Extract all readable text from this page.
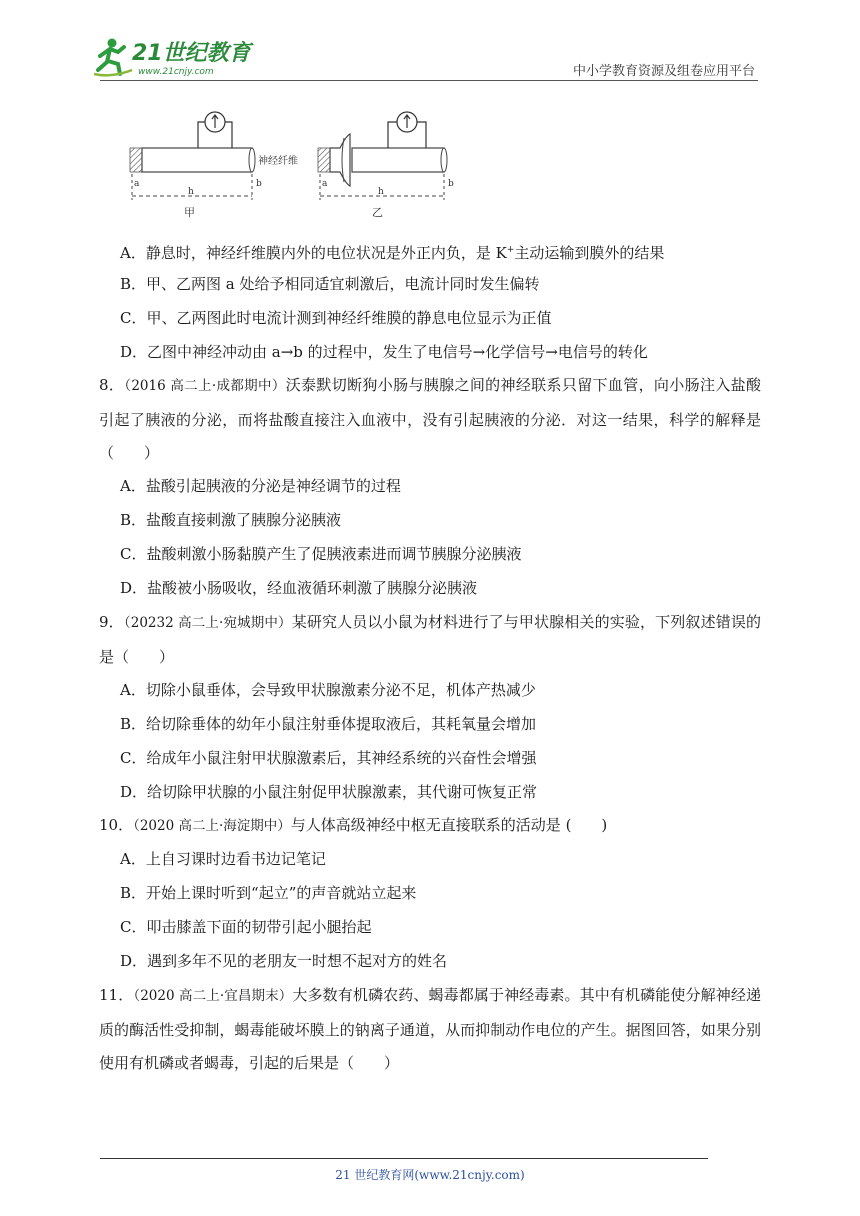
21世纪教育
www.21cnjy.com	中小学教育资源及组卷应用平台
a	b
h
甲
神经纤维
a	b
h
乙
A．静息时，神经纤维膜内外的电位状况是外正内负，是 K+主动运输到膜外的结果
B．甲、乙两图 a 处给予相同适宜刺激后，电流计同时发生偏转
C．甲、乙两图此时电流计测到神经纤维膜的静息电位显示为正值
D．乙图中神经冲动由 a→b 的过程中，发生了电信号→化学信号→电信号的转化
8．（2016 高二上·成都期中）沃泰默切断狗小肠与胰腺之间的神经联系只留下血管，向小肠注入盐酸引起了胰液的分泌，而将盐酸直接注入血液中，没有引起胰液的分泌．对这一结果，科学的解释是（　　）
A．盐酸引起胰液的分泌是神经调节的过程
B．盐酸直接刺激了胰腺分泌胰液
C．盐酸刺激小肠黏膜产生了促胰液素进而调节胰腺分泌胰液
D．盐酸被小肠吸收，经血液循环刺激了胰腺分泌胰液
9．（20232 高二上·宛城期中）某研究人员以小鼠为材料进行了与甲状腺相关的实验，下列叙述错误的是（　　）
A．切除小鼠垂体，会导致甲状腺激素分泌不足，机体产热减少
B．给切除垂体的幼年小鼠注射垂体提取液后，其耗氧量会增加
C．给成年小鼠注射甲状腺激素后，其神经系统的兴奋性会增强
D．给切除甲状腺的小鼠注射促甲状腺激素，其代谢可恢复正常
10．（2020 高二上·海淀期中）与人体高级神经中枢无直接联系的活动是 (　　)
A．上自习课时边看书边记笔记
B．开始上课时听到“起立”的声音就站立起来
C．叩击膝盖下面的韧带引起小腿抬起
D．遇到多年不见的老朋友一时想不起对方的姓名
11．（2020 高二上·宜昌期末）大多数有机磷农药、蝎毒都属于神经毒素。其中有机磷能使分解神经递质的酶活性受抑制，蝎毒能破坏膜上的钠离子通道，从而抑制动作电位的产生。据图回答，如果分别使用有机磷或者蝎毒，引起的后果是（　　）
21 世纪教育网(www.21cnjy.com)
